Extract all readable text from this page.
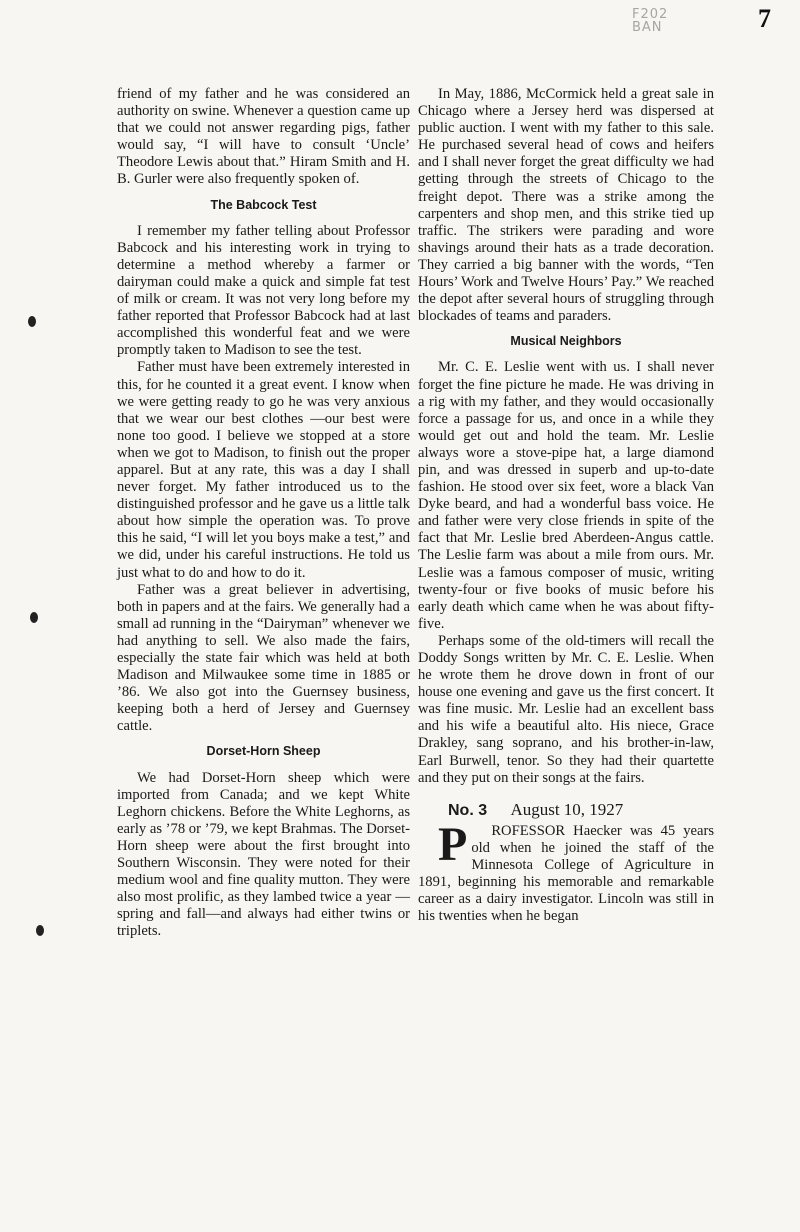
7
F202 BAN

friend of my father and he was considered an authority on swine. Whenever a question came up that we could not answer regarding pigs, father would say, “I will have to consult ‘Uncle’ Theodore Lewis about that.” Hiram Smith and H. B. Gurler were also frequently spoken of.

The Babcock Test

I remember my father telling about Professor Babcock and his interesting work in trying to determine a method whereby a farmer or dairyman could make a quick and simple fat test of milk or cream. It was not very long before my father reported that Professor Babcock had at last accomplished this wonderful feat and we were promptly taken to Madison to see the test.

Father must have been extremely interested in this, for he counted it a great event. I know when we were getting ready to go he was very anxious that we wear our best clothes —our best were none too good. I believe we stopped at a store when we got to Madison, to finish out the proper apparel. But at any rate, this was a day I shall never forget. My father introduced us to the distinguished professor and he gave us a little talk about how simple the operation was. To prove this he said, “I will let you boys make a test,” and we did, under his careful instructions. He told us just what to do and how to do it.

Father was a great believer in advertising, both in papers and at the fairs. We generally had a small ad running in the “Dairyman” whenever we had anything to sell. We also made the fairs, especially the state fair which was held at both Madison and Milwaukee some time in 1885 or ’86. We also got into the Guernsey business, keeping both a herd of Jersey and Guernsey cattle.

Dorset-Horn Sheep

We had Dorset-Horn sheep which were imported from Canada; and we kept White Leghorn chickens. Before the White Leghorns, as early as ’78 or ’79, we kept Brahmas. The Dorset-Horn sheep were about the first brought into Southern Wisconsin. They were noted for their medium wool and fine quality mutton. They were also most prolific, as they lambed twice a year —spring and fall—and always had either twins or triplets.

In May, 1886, McCormick held a great sale in Chicago where a Jersey herd was dispersed at public auction. I went with my father to this sale. He purchased several head of cows and heifers and I shall never forget the great difficulty we had getting through the streets of Chicago to the freight depot. There was a strike among the carpenters and shop men, and this strike tied up traffic. The strikers were parading and wore shavings around their hats as a trade decoration. They carried a big banner with the words, “Ten Hours’ Work and Twelve Hours’ Pay.” We reached the depot after several hours of struggling through blockades of teams and paraders.

Musical Neighbors

Mr. C. E. Leslie went with us. I shall never forget the fine picture he made. He was driving in a rig with my father, and they would occasionally force a passage for us, and once in a while they would get out and hold the team. Mr. Leslie always wore a stove-pipe hat, a large diamond pin, and was dressed in superb and up-to-date fashion. He stood over six feet, wore a black Van Dyke beard, and had a wonderful bass voice. He and father were very close friends in spite of the fact that Mr. Leslie bred Aberdeen-Angus cattle. The Leslie farm was about a mile from ours. Mr. Leslie was a famous composer of music, writing twenty-four or five books of music before his early death which came when he was about fifty-five.

Perhaps some of the old-timers will recall the Doddy Songs written by Mr. C. E. Leslie. When he wrote them he drove down in front of our house one evening and gave us the first concert. It was fine music. Mr. Leslie had an excellent bass and his wife a beautiful alto. His niece, Grace Drakley, sang soprano, and his brother-in-law, Earl Burwell, tenor. So they had their quartette and they put on their songs at the fairs.

No. 3 August 10, 1927

P ROFESSOR Haecker was 45 years old when he joined the staff of the Minnesota College of Agriculture in 1891, beginning his memorable and remarkable career as a dairy investigator. Lincoln was still in his twenties when he began
